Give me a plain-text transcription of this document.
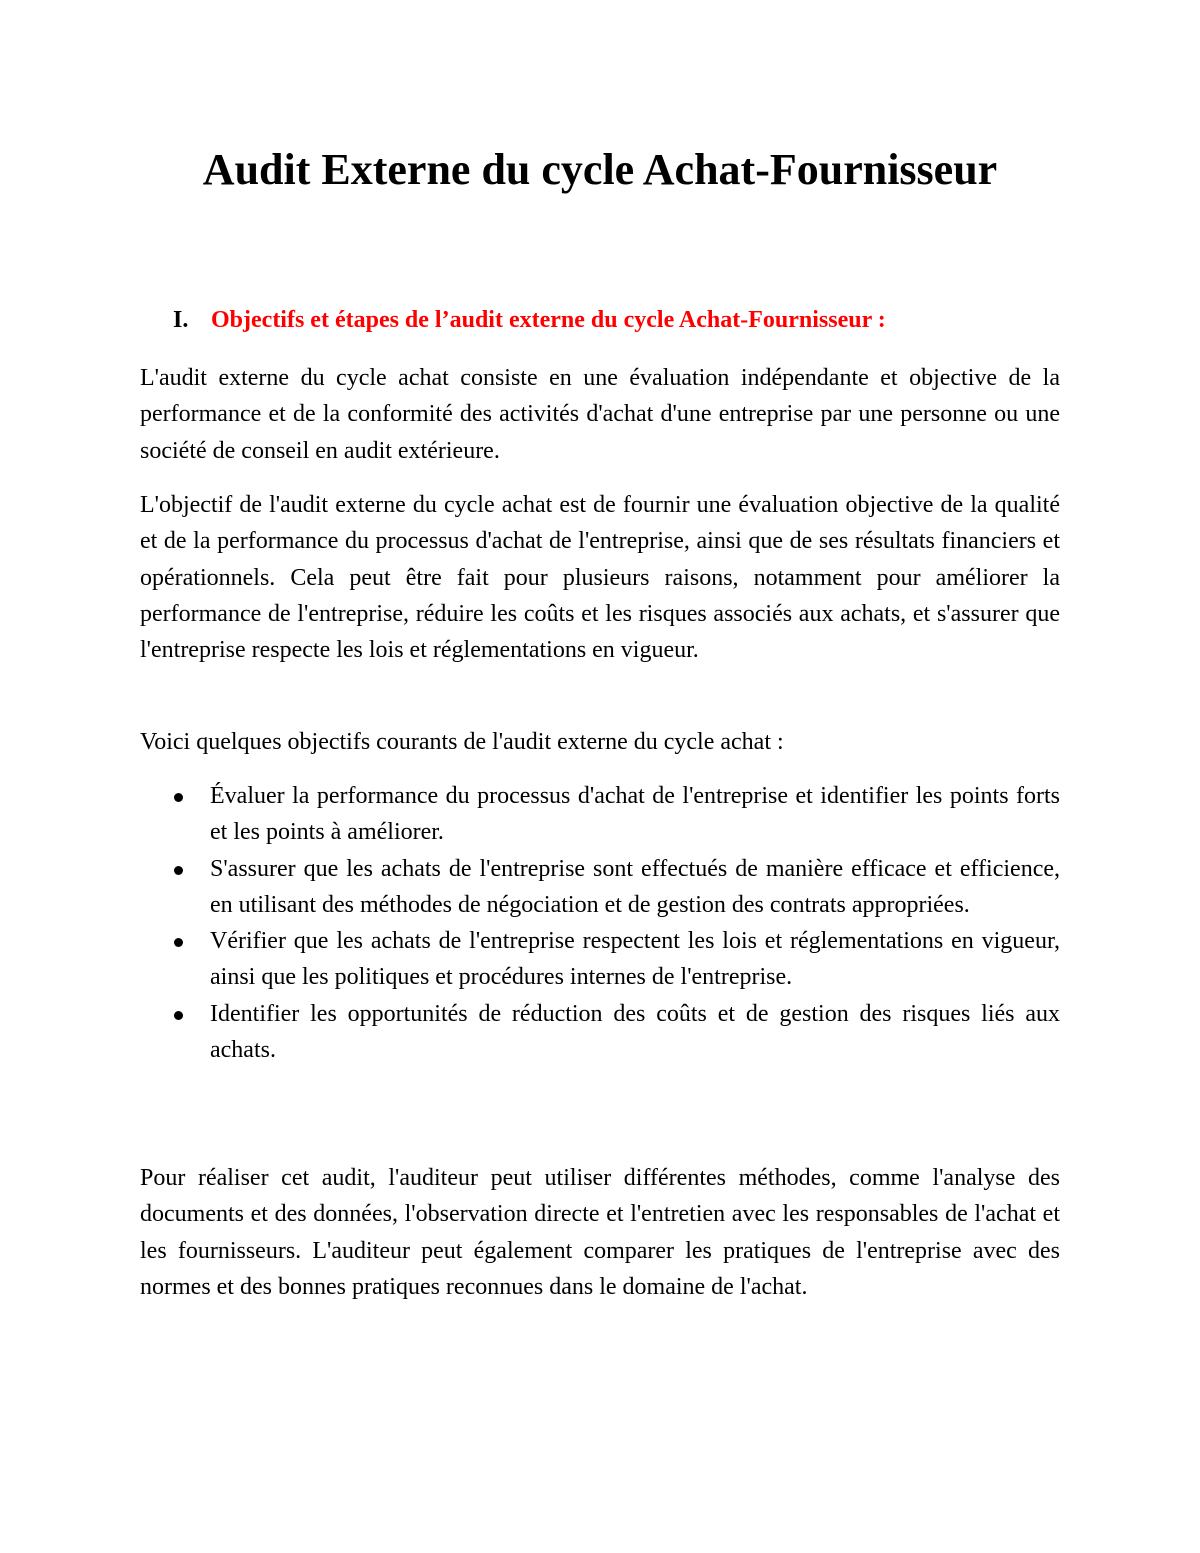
Audit Externe du cycle Achat-Fournisseur
I. Objectifs et étapes de l’audit externe du cycle Achat-Fournisseur :

L'audit externe du cycle achat consiste en une évaluation indépendante et objective de la performance et de la conformité des activités d'achat d'une entreprise par une personne ou une société de conseil en audit extérieure.

L'objectif de l'audit externe du cycle achat est de fournir une évaluation objective de la qualité et de la performance du processus d'achat de l'entreprise, ainsi que de ses résultats financiers et opérationnels. Cela peut être fait pour plusieurs raisons, notamment pour améliorer la performance de l'entreprise, réduire les coûts et les risques associés aux achats, et s'assurer que l'entreprise respecte les lois et réglementations en vigueur.

Voici quelques objectifs courants de l'audit externe du cycle achat :

Évaluer la performance du processus d'achat de l'entreprise et identifier les points forts et les points à améliorer.
S'assurer que les achats de l'entreprise sont effectués de manière efficace et efficience, en utilisant des méthodes de négociation et de gestion des contrats appropriées.
Vérifier que les achats de l'entreprise respectent les lois et réglementations en vigueur, ainsi que les politiques et procédures internes de l'entreprise.
Identifier les opportunités de réduction des coûts et de gestion des risques liés aux achats.

Pour réaliser cet audit, l'auditeur peut utiliser différentes méthodes, comme l'analyse des documents et des données, l'observation directe et l'entretien avec les responsables de l'achat et les fournisseurs. L'auditeur peut également comparer les pratiques de l'entreprise avec des normes et des bonnes pratiques reconnues dans le domaine de l'achat.
